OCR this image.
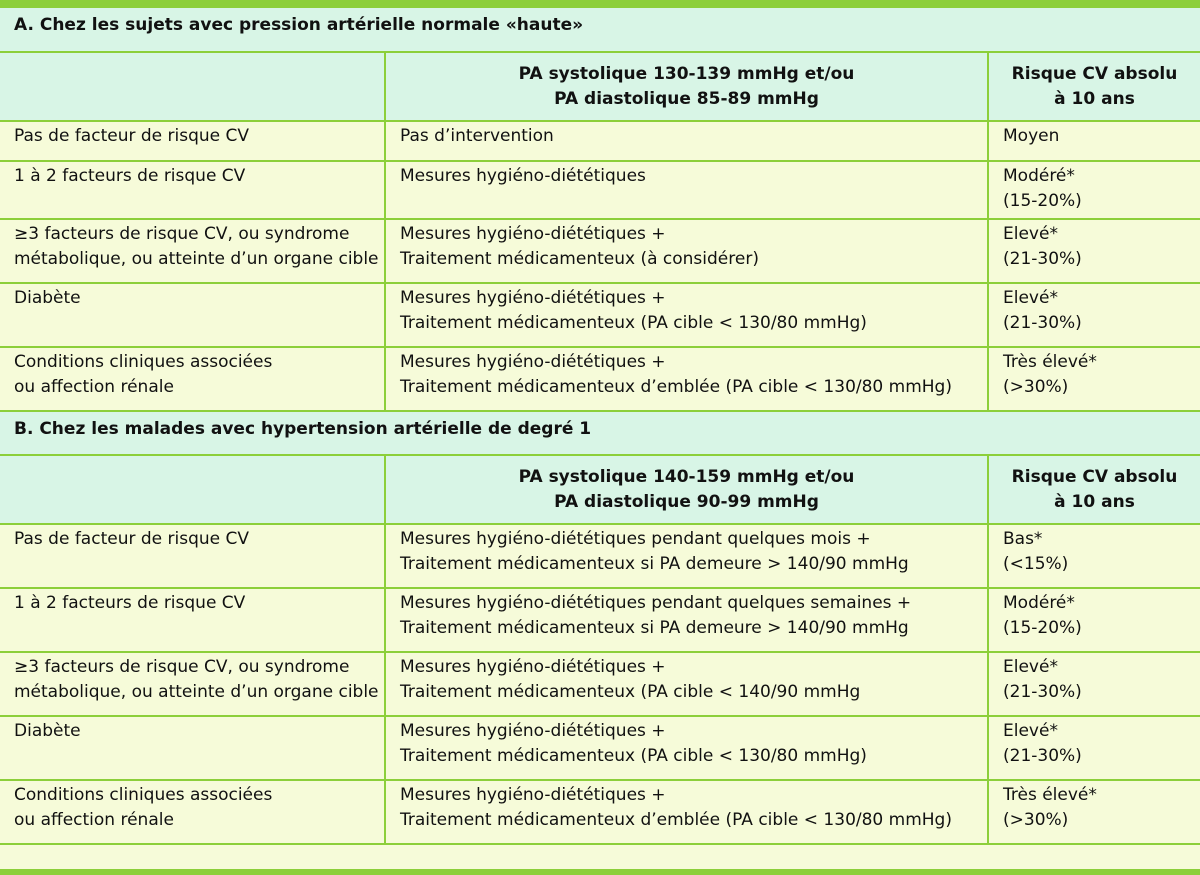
A. Chez les sujets avec pression artérielle normale «haute»		

	PA systolique 130-139 mmHg et/ou
PA diastolique 85-89 mmHg	Risque CV absolu
à 10 ans

Pas de facteur de risque CV	Pas d’intervention	Moyen

1 à 2 facteurs de risque CV	Mesures hygiéno-diététiques	Modéré*
(15-20%)

≥3 facteurs de risque CV, ou syndrome
métabolique, ou atteinte d’un organe cible	Mesures hygiéno-diététiques +
Traitement médicamenteux (à considérer)	Elevé*
(21-30%)

Diabète	Mesures hygiéno-diététiques +
Traitement médicamenteux (PA cible < 130/80 mmHg)	Elevé*
(21-30%)

Conditions cliniques associées
ou affection rénale	Mesures hygiéno-diététiques +
Traitement médicamenteux d’emblée (PA cible < 130/80 mmHg)	Très élevé*
(>30%)

B. Chez les malades avec hypertension artérielle de degré 1		

	PA systolique 140-159 mmHg et/ou
PA diastolique 90-99 mmHg	Risque CV absolu
à 10 ans

Pas de facteur de risque CV	Mesures hygiéno-diététiques pendant quelques mois +
Traitement médicamenteux si PA demeure > 140/90 mmHg	Bas*
(<15%)

1 à 2 facteurs de risque CV	Mesures hygiéno-diététiques pendant quelques semaines +
Traitement médicamenteux si PA demeure > 140/90 mmHg	Modéré*
(15-20%)

≥3 facteurs de risque CV, ou syndrome
métabolique, ou atteinte d’un organe cible	Mesures hygiéno-diététiques +
Traitement médicamenteux (PA cible < 140/90 mmHg	Elevé*
(21-30%)

Diabète	Mesures hygiéno-diététiques +
Traitement médicamenteux (PA cible < 130/80 mmHg)	Elevé*
(21-30%)

Conditions cliniques associées
ou affection rénale	Mesures hygiéno-diététiques +
Traitement médicamenteux d’emblée (PA cible < 130/80 mmHg)	Très élevé*
(>30%)
